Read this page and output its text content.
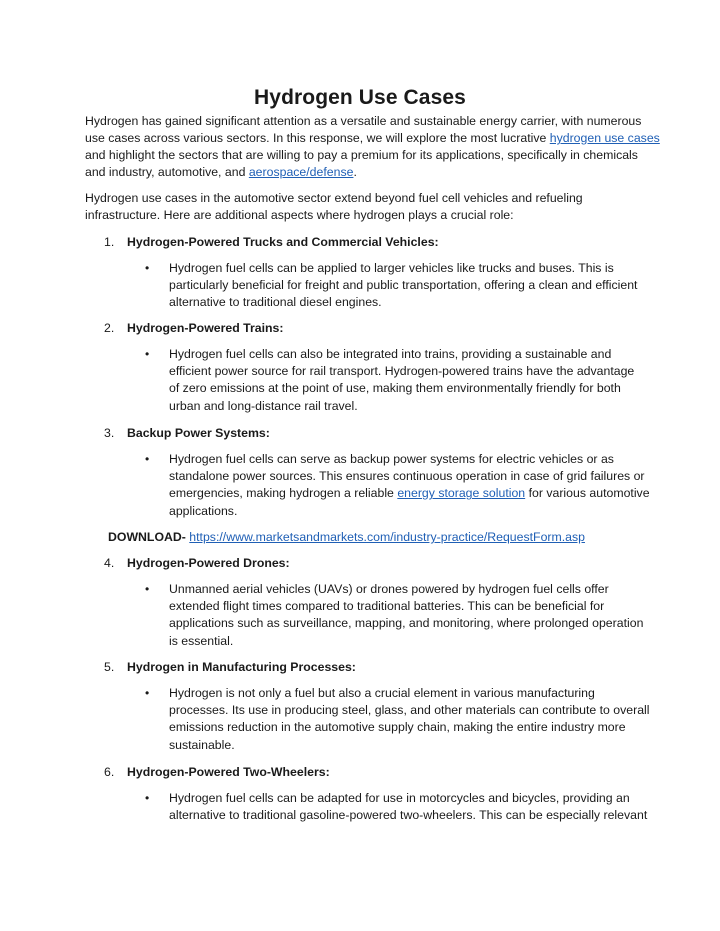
Hydrogen Use Cases
Hydrogen has gained significant attention as a versatile and sustainable energy carrier, with numerous
use cases across various sectors. In this response, we will explore the most lucrative hydrogen use cases
and highlight the sectors that are willing to pay a premium for its applications, specifically in chemicals
and industry, automotive, and aerospace/defense.
Hydrogen use cases in the automotive sector extend beyond fuel cell vehicles and refueling
infrastructure. Here are additional aspects where hydrogen plays a crucial role:
1. Hydrogen-Powered Trucks and Commercial Vehicles:
• Hydrogen fuel cells can be applied to larger vehicles like trucks and buses. This is
particularly beneficial for freight and public transportation, offering a clean and efficient
alternative to traditional diesel engines.
2. Hydrogen-Powered Trains:
• Hydrogen fuel cells can also be integrated into trains, providing a sustainable and
efficient power source for rail transport. Hydrogen-powered trains have the advantage
of zero emissions at the point of use, making them environmentally friendly for both
urban and long-distance rail travel.
3. Backup Power Systems:
• Hydrogen fuel cells can serve as backup power systems for electric vehicles or as
standalone power sources. This ensures continuous operation in case of grid failures or
emergencies, making hydrogen a reliable energy storage solution for various automotive
applications.
DOWNLOAD- https://www.marketsandmarkets.com/industry-practice/RequestForm.asp
4. Hydrogen-Powered Drones:
• Unmanned aerial vehicles (UAVs) or drones powered by hydrogen fuel cells offer
extended flight times compared to traditional batteries. This can be beneficial for
applications such as surveillance, mapping, and monitoring, where prolonged operation
is essential.
5. Hydrogen in Manufacturing Processes:
• Hydrogen is not only a fuel but also a crucial element in various manufacturing
processes. Its use in producing steel, glass, and other materials can contribute to overall
emissions reduction in the automotive supply chain, making the entire industry more
sustainable.
6. Hydrogen-Powered Two-Wheelers:
• Hydrogen fuel cells can be adapted for use in motorcycles and bicycles, providing an
alternative to traditional gasoline-powered two-wheelers. This can be especially relevant
